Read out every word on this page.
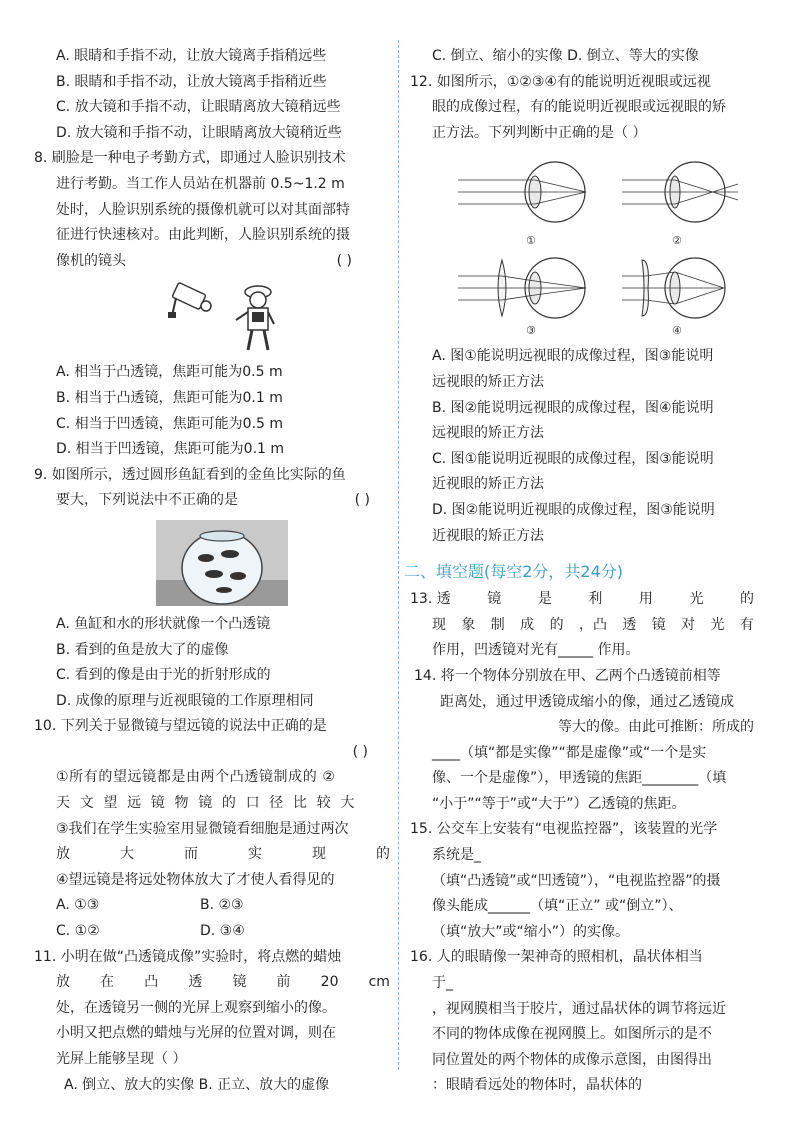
A. 眼睛和手指不动，让放大镜离手指稍远些
B. 眼睛和手指不动，让放大镜离手指稍近些
C. 放大镜和手指不动，让眼睛离放大镜稍远些
D. 放大镜和手指不动，让眼睛离放大镜稍近些
8. 刷脸是一种电子考勤方式，即通过人脸识别技术
进行考勤。当工作人员站在机器前 0.5~1.2 m
处时，人脸识别系统的摄像机就可以对其面部特
征进行快速核对。由此判断，人脸识别系统的摄
像机的镜头	( )
A. 相当于凸透镜，焦距可能为0.5 m
B. 相当于凸透镜，焦距可能为0.1 m
C. 相当于凹透镜，焦距可能为0.5 m
D. 相当于凹透镜，焦距可能为0.1 m
9. 如图所示，透过圆形鱼缸看到的金鱼比实际的鱼
要大，下列说法中不正确的是	( )
A. 鱼缸和水的形状就像一个凸透镜
B. 看到的鱼是放大了的虚像
C. 看到的像是由于光的折射形成的
D. 成像的原理与近视眼镜的工作原理相同
10. 下列关于显微镜与望远镜的说法中正确的是
( )
①所有的望远镜都是由两个凸透镜制成的 ②
天文望远镜物镜的口径比较大
③我们在学生实验室用显微镜看细胞是通过两次
放	大	而	实	现	的
④望远镜是将远处物体放大了才使人看得见的
A. ①③	B. ②③
C. ①②	D. ③④
11. 小明在做“凸透镜成像”实验时，将点燃的蜡烛
放 在 凸 透 镜 前 20 cm
处，在透镜另一侧的光屏上观察到缩小的像。
小明又把点燃的蜡烛与光屏的位置对调，则在
光屏上能够呈现（ ）
A. 倒立、放大的实像 B. 正立、放大的虚像
C. 倒立、缩小的实像 D. 倒立、等大的实像
12. 如图所示，①②③④有的能说明近视眼或远视
眼的成像过程，有的能说明近视眼或远视眼的矫
正方法。下列判断中正确的是（ ）
①	②
③	④
A. 图①能说明远视眼的成像过程，图③能说明
远视眼的矫正方法
B. 图②能说明远视眼的成像过程，图④能说明
远视眼的矫正方法
C. 图①能说明近视眼的成像过程，图③能说明
近视眼的矫正方法
D. 图②能说明近视眼的成像过程，图③能说明
近视眼的矫正方法
二、填空题(每空2分，共24分)
13. 透	镜	是	利	用	光	的
现 象 制 成 的 ，凸 透 镜 对 光 有
作用，凹透镜对光有_____ 作用。
14. 将一个物体分别放在甲、乙两个凸透镜前相等
距离处，通过甲透镜成缩小的像，通过乙透镜成
等大的像。由此可推断：所成的
____（填“都是实像”“都是虚像”或“一个是实
像、一个是虚像”），甲透镜的焦距________（填
“小于”“等于”或“大于”）乙透镜的焦距。
15. 公交车上安装有“电视监控器”，该装置的光学
系统是_
（填“凸透镜”或“凹透镜”），“电视监控器”的摄
像头能成______（填“正立” 或“倒立”）、
（填“放大”或“缩小”）的实像。
16. 人的眼睛像一架神奇的照相机，晶状体相当
于_
，视网膜相当于胶片，通过晶状体的调节将远近
不同的物体成像在视网膜上。如图所示的是不
同位置处的两个物体的成像示意图，由图得出
：眼睛看远处的物体时，晶状体的
